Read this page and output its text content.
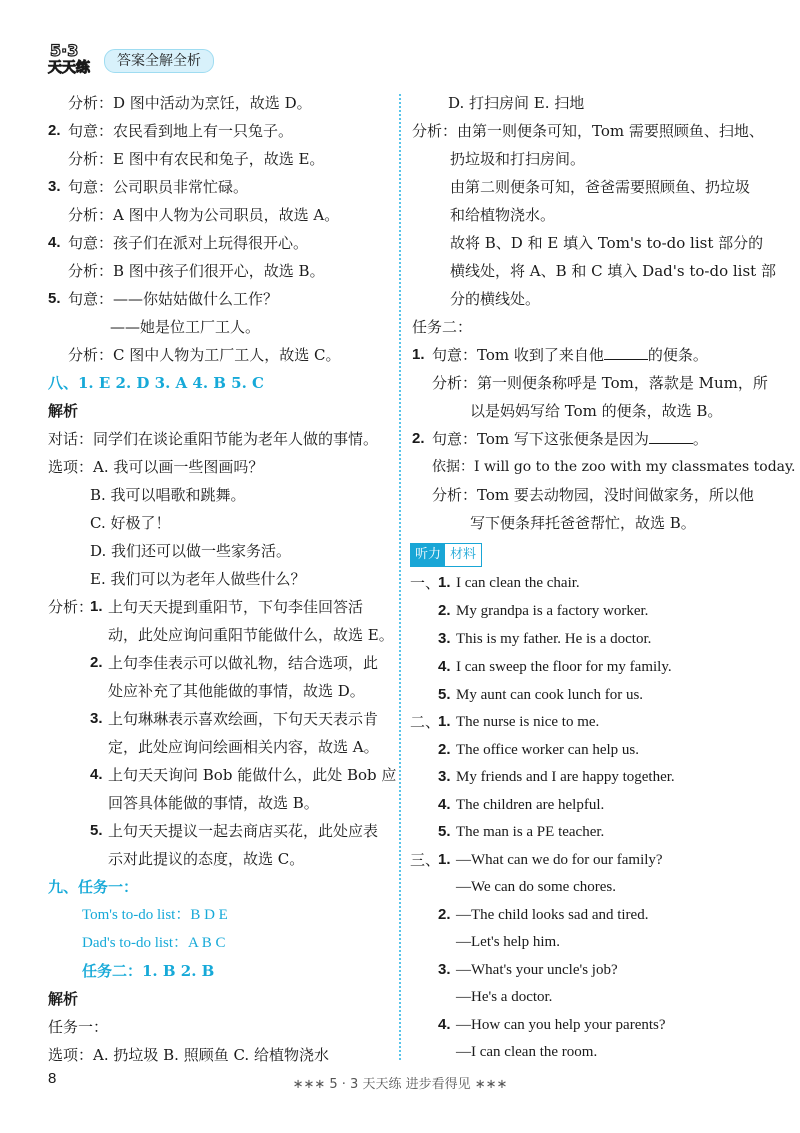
5·3
天天练	答案全解全析
分析：D 图中活动为烹饪，故选 D。
2. 句意：农民看到地上有一只兔子。
分析：E 图中有农民和兔子，故选 E。
3. 句意：公司职员非常忙碌。
分析：A 图中人物为公司职员，故选 A。
4. 句意：孩子们在派对上玩得很开心。
分析：B 图中孩子们很开心，故选 B。
5. 句意：——你姑姑做什么工作？
——她是位工厂工人。
分析：C 图中人物为工厂工人，故选 C。
八、1. E 2. D 3. A 4. B 5. C
解析
对话：同学们在谈论重阳节能为老年人做的事情。
选项：A. 我可以画一些图画吗？
B. 我可以唱歌和跳舞。
C. 好极了！
D. 我们还可以做一些家务活。
E. 我们可以为老年人做些什么？
分析：
1. 上句天天提到重阳节，下句李佳回答活
动，此处应询问重阳节能做什么，故选 E。
2. 上句李佳表示可以做礼物，结合选项，此
处应补充了其他能做的事情，故选 D。
3. 上句琳琳表示喜欢绘画，下句天天表示肯
定，此处应询问绘画相关内容，故选 A。
4. 上句天天询问 Bob 能做什么，此处 Bob 应
回答具体能做的事情，故选 B。
5. 上句天天提议一起去商店买花，此处应表
示对此提议的态度，故选 C。
九、任务一：
Tom's to-do list：B D E
Dad's to-do list：A B C
任务二：1. B 2. B
解析
任务一：
选项：A. 扔垃圾 B. 照顾鱼 C. 给植物浇水
D. 打扫房间 E. 扫地
分析：由第一则便条可知，Tom 需要照顾鱼、扫地、
扔垃圾和打扫房间。
由第二则便条可知，爸爸需要照顾鱼、扔垃圾
和给植物浇水。
故将 B、D 和 E 填入 Tom's to-do list 部分的
横线处，将 A、B 和 C 填入 Dad's to-do list 部
分的横线处。
任务二：
1. 句意：Tom 收到了来自他	的便条。
分析：第一则便条称呼是 Tom，落款是 Mum，所
以是妈妈写给 Tom 的便条，故选 B。
2. 句意：Tom 写下这张便条是因为	。
依据：I will go to the zoo with my classmates today.
分析：Tom 要去动物园，没时间做家务，所以他
写下便条拜托爸爸帮忙，故选 B。
听力 材料
一、
1. I can clean the chair.
2. My grandpa is a factory worker.
3. This is my father. He is a doctor.
4. I can sweep the floor for my family.
5. My aunt can cook lunch for us.
二、
1. The nurse is nice to me.
2. The office worker can help us.
3. My friends and I are happy together.
4. The children are helpful.
5. The man is a PE teacher.
三、
1. —What can we do for our family?
—We can do some chores.
2. —The child looks sad and tired.
—Let's help him.
3. —What's your uncle's job?
—He's a doctor.
4. —How can you help your parents?
—I can clean the room.
8	∗∗∗ 5 · 3 天天练 进步看得见 ∗∗∗
